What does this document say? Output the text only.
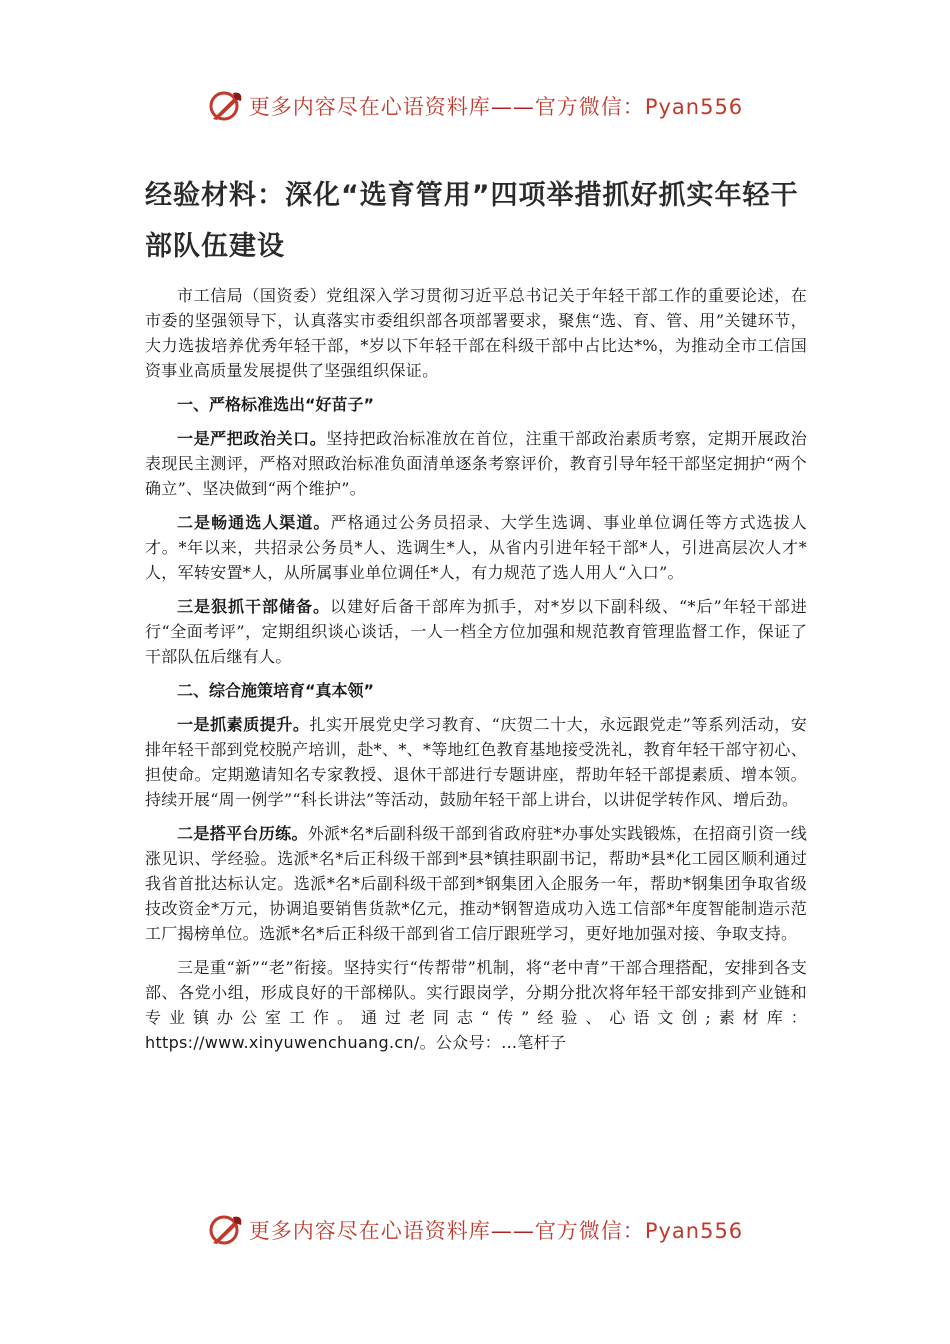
更多内容尽在心语资料库——官方微信：Pyan556
经验材料：深化“选育管用”四项举措抓好抓实年轻干部队伍建设

市工信局（国资委）党组深入学习贯彻习近平总书记关于年轻干部工作的重要论述，在市委的坚强领导下，认真落实市委组织部各项部署要求，聚焦“选、育、管、用”关键环节，大力选拔培养优秀年轻干部，*岁以下年轻干部在科级干部中占比达*%，为推动全市工信国资事业高质量发展提供了坚强组织保证。

一、严格标准选出“好苗子”

一是严把政治关口。坚持把政治标准放在首位，注重干部政治素质考察，定期开展政治表现民主测评，严格对照政治标准负面清单逐条考察评价，教育引导年轻干部坚定拥护“两个确立”、坚决做到“两个维护”。

二是畅通选人渠道。严格通过公务员招录、大学生选调、事业单位调任等方式选拔人才。*年以来，共招录公务员*人、选调生*人，从省内引进年轻干部*人，引进高层次人才*人，军转安置*人，从所属事业单位调任*人，有力规范了选人用人“入口”。

三是狠抓干部储备。以建好后备干部库为抓手，对*岁以下副科级、“*后”年轻干部进行“全面考评”，定期组织谈心谈话，一人一档全方位加强和规范教育管理监督工作，保证了干部队伍后继有人。

二、综合施策培育“真本领”

一是抓素质提升。扎实开展党史学习教育、“庆贺二十大，永远跟党走”等系列活动，安排年轻干部到党校脱产培训，赴*、*、*等地红色教育基地接受洗礼，教育年轻干部守初心、担使命。定期邀请知名专家教授、退休干部进行专题讲座，帮助年轻干部提素质、增本领。持续开展“周一例学”“科长讲法”等活动，鼓励年轻干部上讲台，以讲促学转作风、增后劲。

二是搭平台历练。外派*名*后副科级干部到省政府驻*办事处实践锻炼，在招商引资一线涨见识、学经验。选派*名*后正科级干部到*县*镇挂职副书记，帮助*县*化工园区顺利通过我省首批达标认定。选派*名*后副科级干部到*钢集团入企服务一年，帮助*钢集团争取省级技改资金*万元，协调追要销售货款*亿元，推动*钢智造成功入选工信部*年度智能制造示范工厂揭榜单位。选派*名*后正科级干部到省工信厅跟班学习，更好地加强对接、争取支持。

三是重“新”“老”衔接。坚持实行“传帮带”机制，将“老中青”干部合理搭配，安排到各支部、各党小组，形成良好的干部梯队。实行跟岗学，分期分批次将年轻干部安排到产业链和专业镇办公室工作。通过老同志“传”经验、心语文创;素材库：https://www.xinyuwenchuang.cn/。公众号：…笔杆子

更多内容尽在心语资料库——官方微信：Pyan556
